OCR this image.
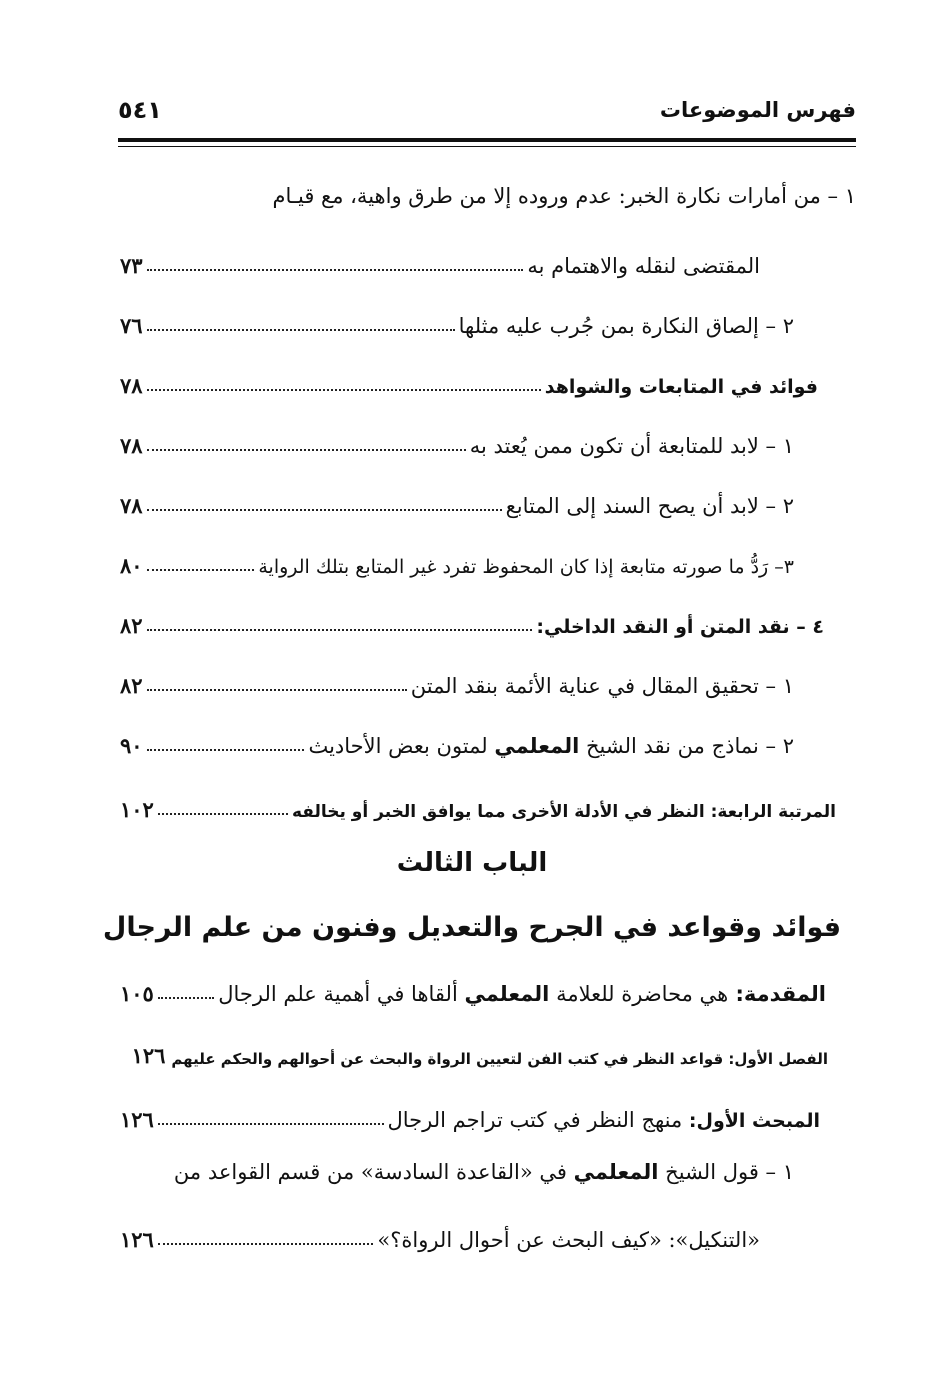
فهرس الموضوعات
٥٤١
١ – من أمارات نكارة الخبر: عدم وروده إلا من طرق واهية، مع قيـام
المقتضى لنقله والاهتمام به
٧٣
٢ – إلصاق النكارة بمن جُرب عليه مثلها
٧٦
فوائد في المتابعات والشواهد
٧٨
١ – لابد للمتابعة أن تكون ممن يُعتد به
٧٨
٢ – لابد أن يصح السند إلى المتابع
٧٨
٣– رَدُّ ما صورته متابعة إذا كان المحفوظ تفرد غير المتابع بتلك الرواية
٨٠
٤ – نقد المتن أو النقد الداخلي:
٨٢
١ – تحقيق المقال في عناية الأئمة بنقد المتن
٨٢
٢ – نماذج من نقد الشيخ المعلمي لمتون بعض الأحاديث
٩٠
المرتبة الرابعة: النظر في الأدلة الأخرى مما يوافق الخبر أو يخالفه
١٠٢
الباب الثالث
فوائد وقواعد في الجرح والتعديل وفنون من علم الرجال
المقدمة: هي محاضرة للعلامة المعلمي ألقاها في أهمية علم الرجال
١٠٥
الفصل الأول: قواعد النظر في كتب الفن لتعيين الرواة والبحث عن أحوالهم والحكم عليهم
١٢٦
المبحث الأول: منهج النظر في كتب تراجم الرجال
١٢٦
١ – قول الشيخ المعلمي في «القاعدة السادسة» من قسم القواعد من
«التنكيل»: «كيف البحث عن أحوال الرواة؟»
١٢٦
